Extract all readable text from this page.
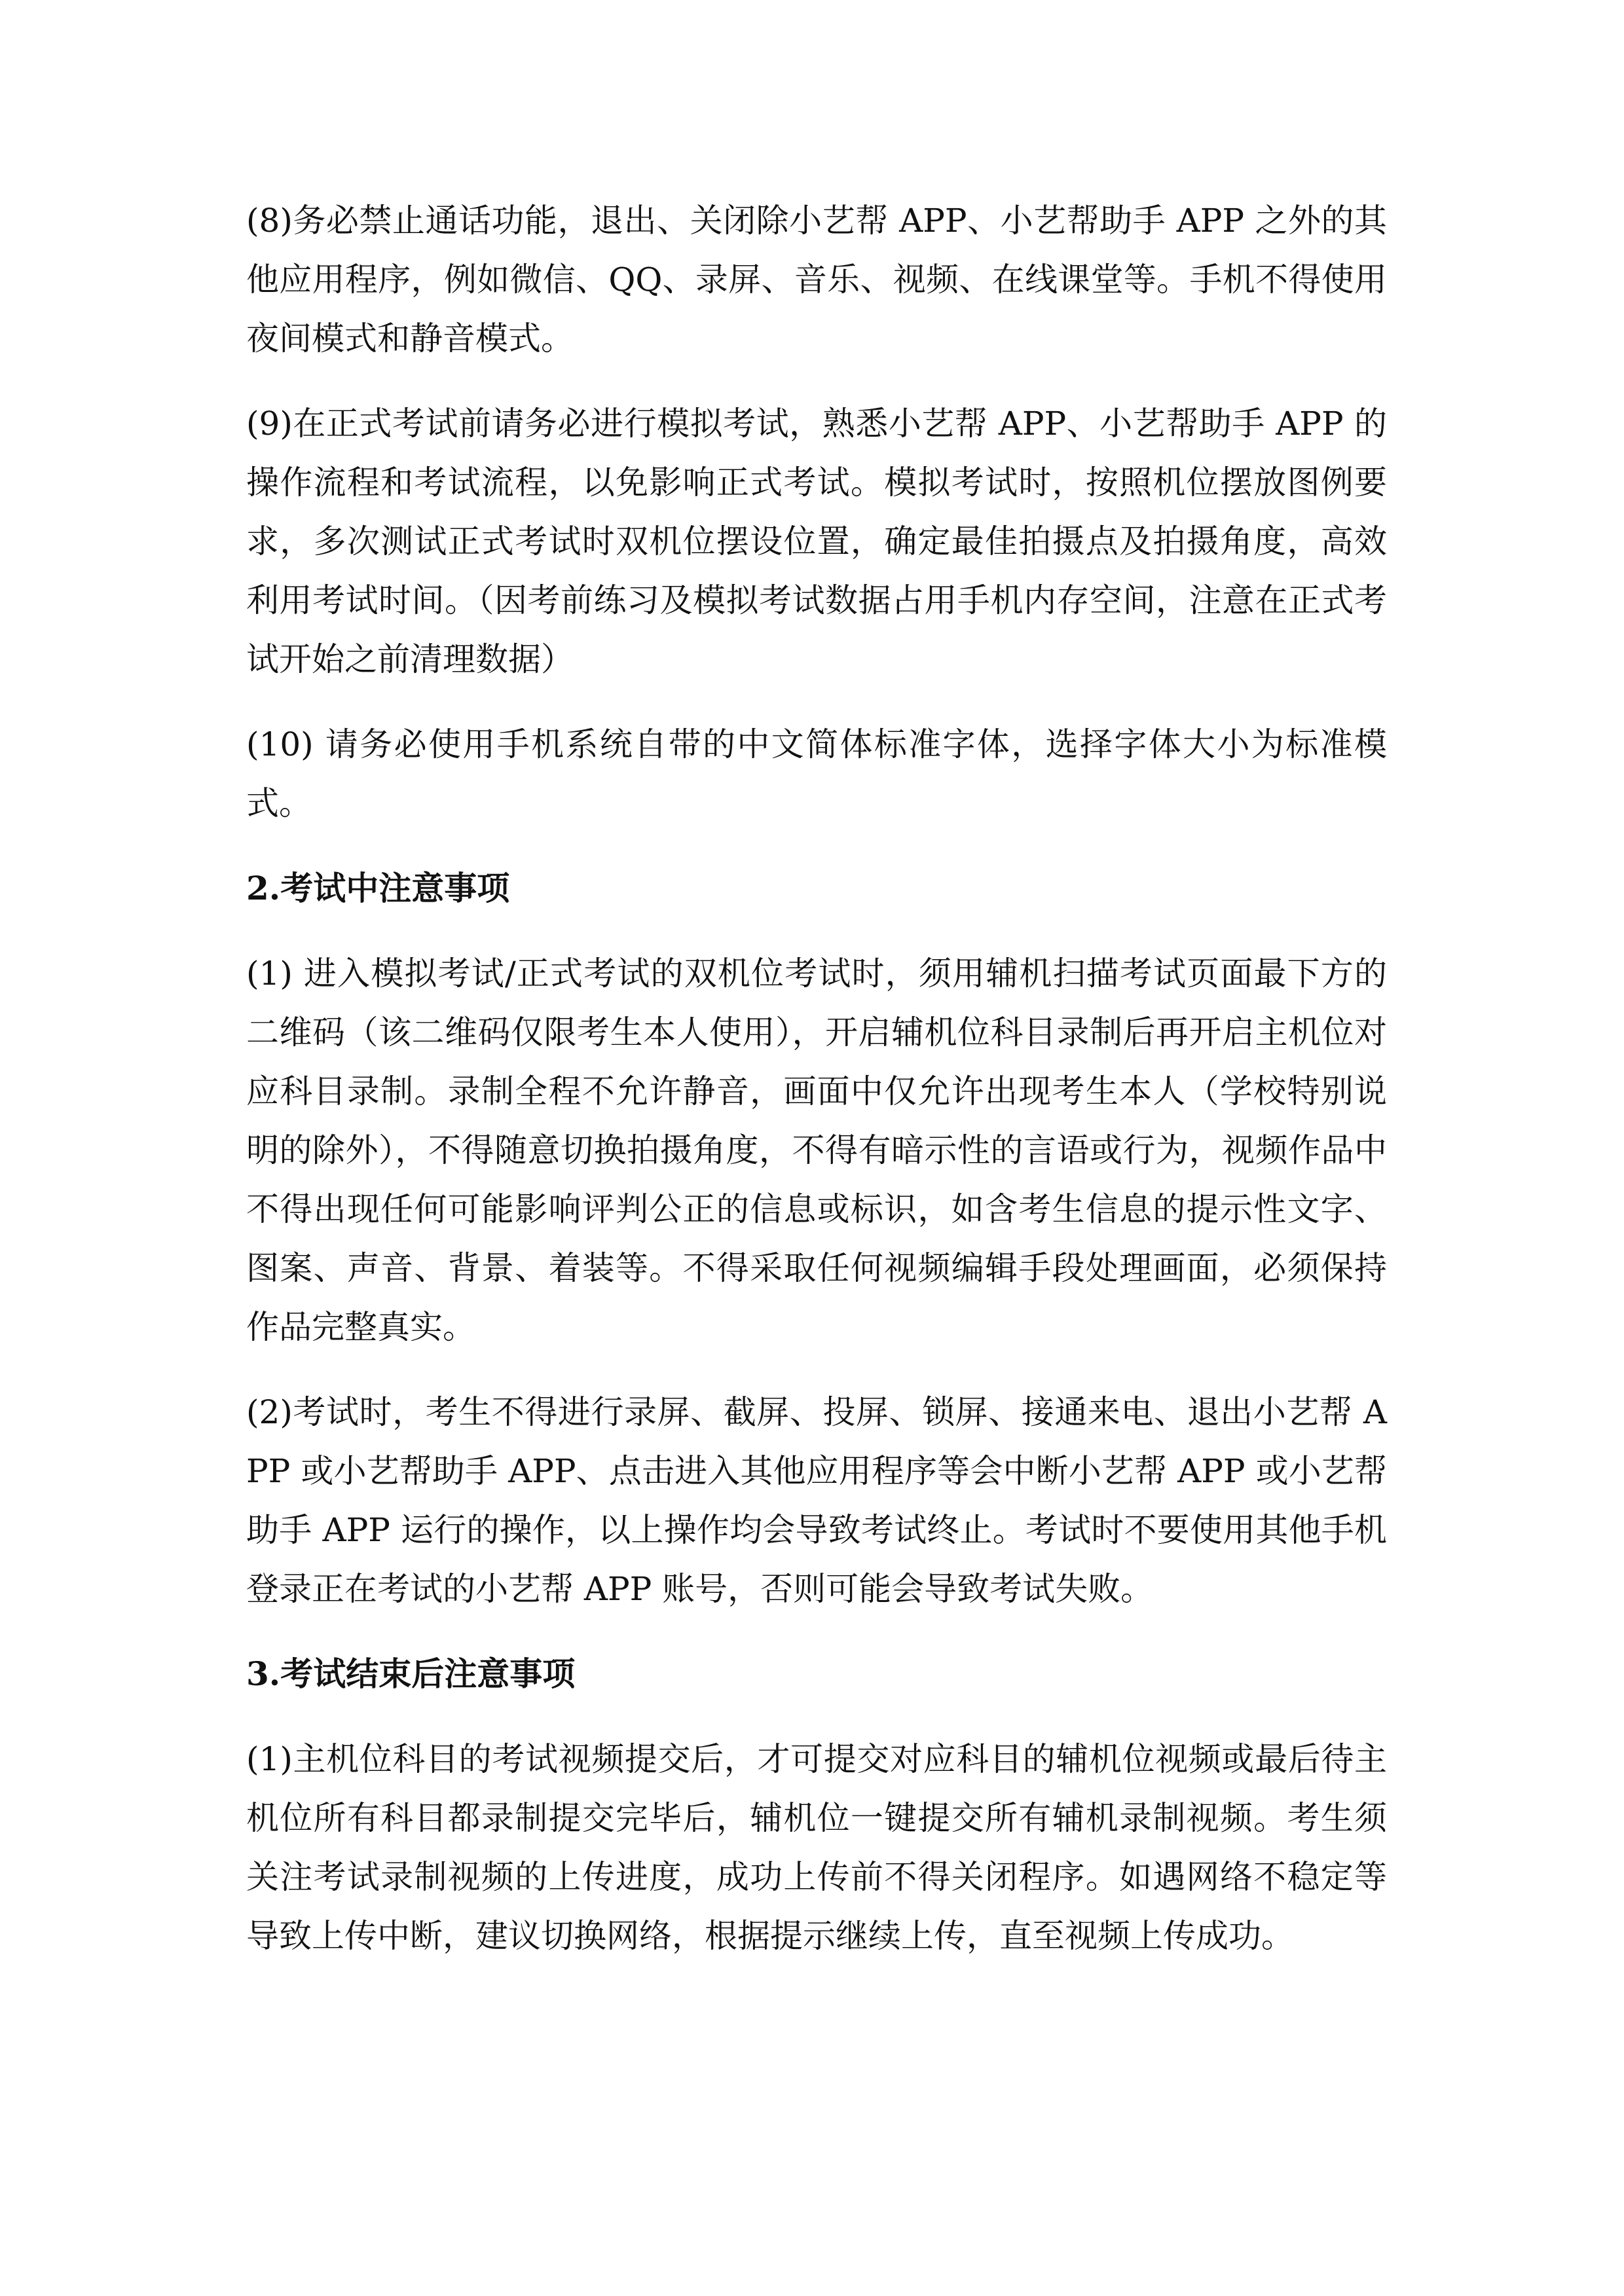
(8)务必禁止通话功能，退出、关闭除小艺帮 APP、小艺帮助手 APP 之外的其他应用程序，例如微信、QQ、录屏、音乐、视频、在线课堂等。手机不得使用夜间模式和静音模式。

(9)在正式考试前请务必进行模拟考试，熟悉小艺帮 APP、小艺帮助手 APP 的操作流程和考试流程，以免影响正式考试。模拟考试时，按照机位摆放图例要求，多次测试正式考试时双机位摆设位置，确定最佳拍摄点及拍摄角度，高效利用考试时间。（因考前练习及模拟考试数据占用手机内存空间，注意在正式考试开始之前清理数据）

(10) 请务必使用手机系统自带的中文简体标准字体，选择字体大小为标准模式。

2.考试中注意事项

(1) 进入模拟考试/正式考试的双机位考试时，须用辅机扫描考试页面最下方的二维码（该二维码仅限考生本人使用），开启辅机位科目录制后再开启主机位对应科目录制。录制全程不允许静音，画面中仅允许出现考生本人（学校特别说明的除外），不得随意切换拍摄角度，不得有暗示性的言语或行为，视频作品中不得出现任何可能影响评判公正的信息或标识，如含考生信息的提示性文字、图案、声音、背景、着装等。不得采取任何视频编辑手段处理画面，必须保持作品完整真实。

(2)考试时，考生不得进行录屏、截屏、投屏、锁屏、接通来电、退出小艺帮 APP 或小艺帮助手 APP、点击进入其他应用程序等会中断小艺帮 APP 或小艺帮助手 APP 运行的操作，以上操作均会导致考试终止。考试时不要使用其他手机登录正在考试的小艺帮 APP 账号，否则可能会导致考试失败。

3.考试结束后注意事项

(1)主机位科目的考试视频提交后，才可提交对应科目的辅机位视频或最后待主机位所有科目都录制提交完毕后，辅机位一键提交所有辅机录制视频。考生须关注考试录制视频的上传进度，成功上传前不得关闭程序。如遇网络不稳定等导致上传中断，建议切换网络，根据提示继续上传，直至视频上传成功。
